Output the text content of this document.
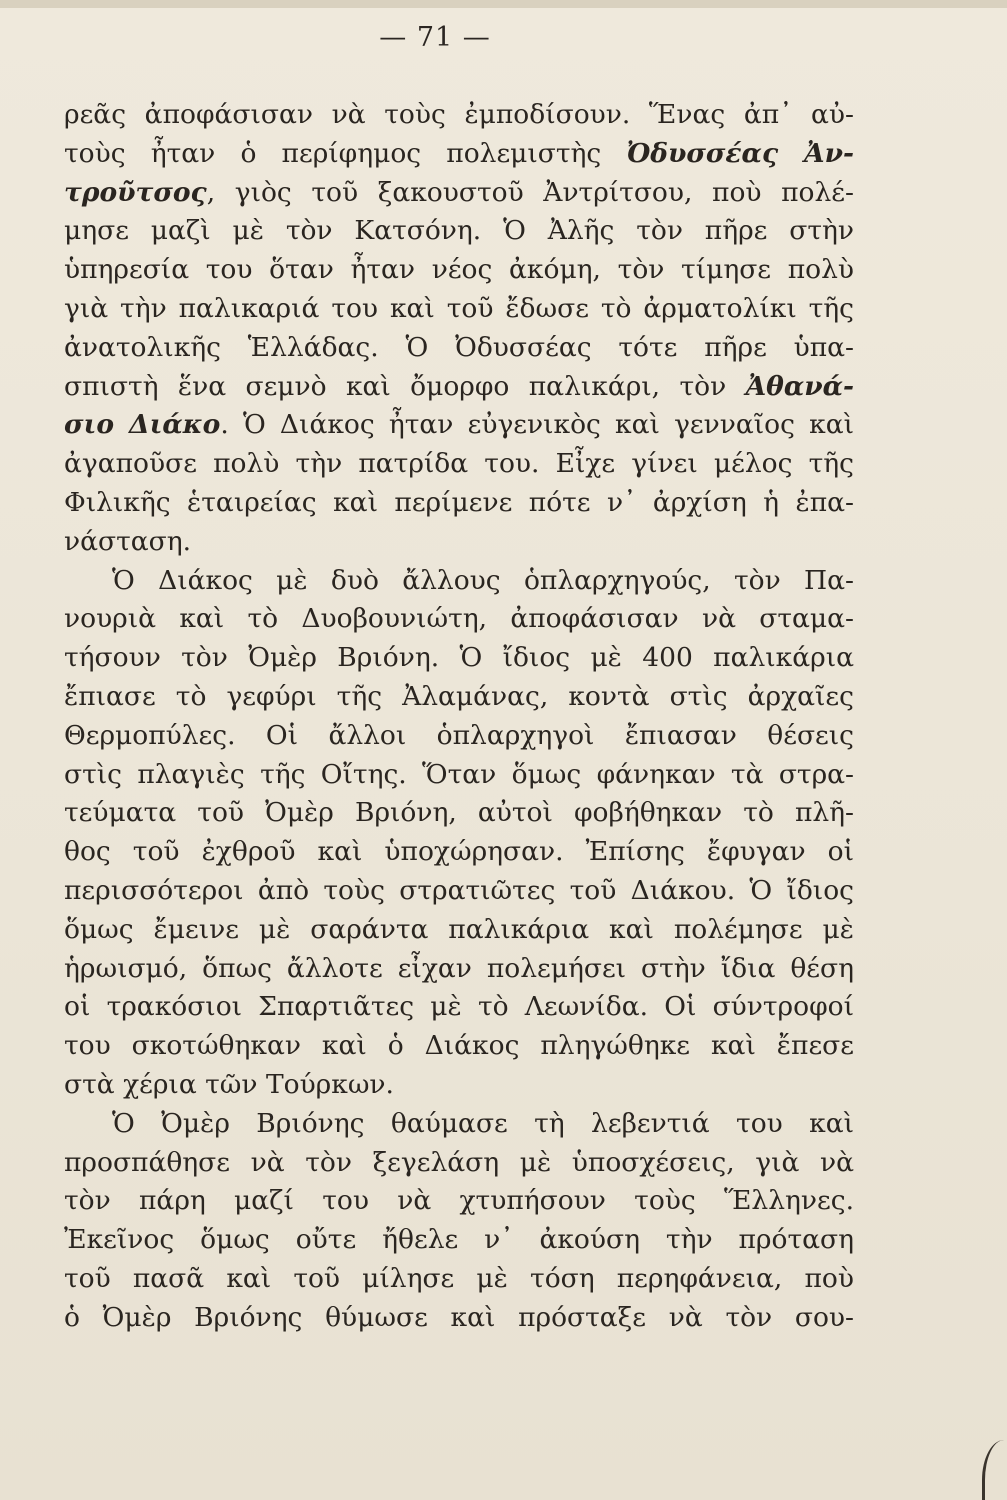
— 71 —
ρεᾶς ἀποφάσισαν νὰ τοὺς ἐμποδίσουν. Ἕνας ἀπ᾿ αὐ-
τοὺς ἦταν ὁ περίφημος πολεμιστὴς Ὀδυσσέας Ἀν-
τροῦτσος, γιὸς τοῦ ξακουστοῦ Ἀντρίτσου, ποὺ πολέ-
μησε μαζὶ μὲ τὸν Κατσόνη. Ὁ Ἀλῆς τὸν πῆρε στὴν
ὑπηρεσία του ὅταν ἦταν νέος ἀκόμη, τὸν τίμησε πολὺ
γιὰ τὴν παλικαριά του καὶ τοῦ ἔδωσε τὸ ἀρματολίκι τῆς
ἀνατολικῆς Ἑλλάδας. Ὁ Ὀδυσσέας τότε πῆρε ὑπα-
σπιστὴ ἕνα σεμνὸ καὶ ὄμορφο παλικάρι, τὸν Ἀθανά-
σιο Διάκο. Ὁ Διάκος ἦταν εὐγενικὸς καὶ γενναῖος καὶ
ἀγαποῦσε πολὺ τὴν πατρίδα του. Εἶχε γίνει μέλος τῆς
Φιλικῆς ἑταιρείας καὶ περίμενε πότε ν᾿ ἀρχίση ἡ ἐπα-
νάσταση.
Ὁ Διάκος μὲ δυὸ ἄλλους ὁπλαρχηγούς, τὸν Πα-
νουριὰ καὶ τὸ Δυοβουνιώτη, ἀποφάσισαν νὰ σταμα-
τήσουν τὸν Ὀμὲρ Βριόνη. Ὁ ἴδιος μὲ 400 παλικάρια
ἔπιασε τὸ γεφύρι τῆς Ἀλαμάνας, κοντὰ στὶς ἀρχαῖες
Θερμοπύλες. Οἱ ἄλλοι ὁπλαρχηγοὶ ἔπιασαν θέσεις
στὶς πλαγιὲς τῆς Οἴτης. Ὅταν ὅμως φάνηκαν τὰ στρα-
τεύματα τοῦ Ὀμὲρ Βριόνη, αὐτοὶ φοβήθηκαν τὸ πλῆ-
θος τοῦ ἐχθροῦ καὶ ὑποχώρησαν. Ἐπίσης ἔφυγαν οἱ
περισσότεροι ἀπὸ τοὺς στρατιῶτες τοῦ Διάκου. Ὁ ἴδιος
ὅμως ἔμεινε μὲ σαράντα παλικάρια καὶ πολέμησε μὲ
ἡρωισμό, ὅπως ἄλλοτε εἶχαν πολεμήσει στὴν ἴδια θέση
οἱ τρακόσιοι Σπαρτιᾶτες μὲ τὸ Λεωνίδα. Οἱ σύντροφοί
του σκοτώθηκαν καὶ ὁ Διάκος πληγώθηκε καὶ ἔπεσε
στὰ χέρια τῶν Τούρκων.
Ὁ Ὀμὲρ Βριόνης θαύμασε τὴ λεβεντιά του καὶ
προσπάθησε νὰ τὸν ξεγελάση μὲ ὑποσχέσεις, γιὰ νὰ
τὸν πάρη μαζί του νὰ χτυπήσουν τοὺς Ἕλληνες.
Ἐκεῖνος ὅμως οὔτε ἤθελε ν᾿ ἀκούση τὴν πρόταση
τοῦ πασᾶ καὶ τοῦ μίλησε μὲ τόση περηφάνεια, ποὺ
ὁ Ὀμὲρ Βριόνης θύμωσε καὶ πρόσταξε νὰ τὸν σου-
